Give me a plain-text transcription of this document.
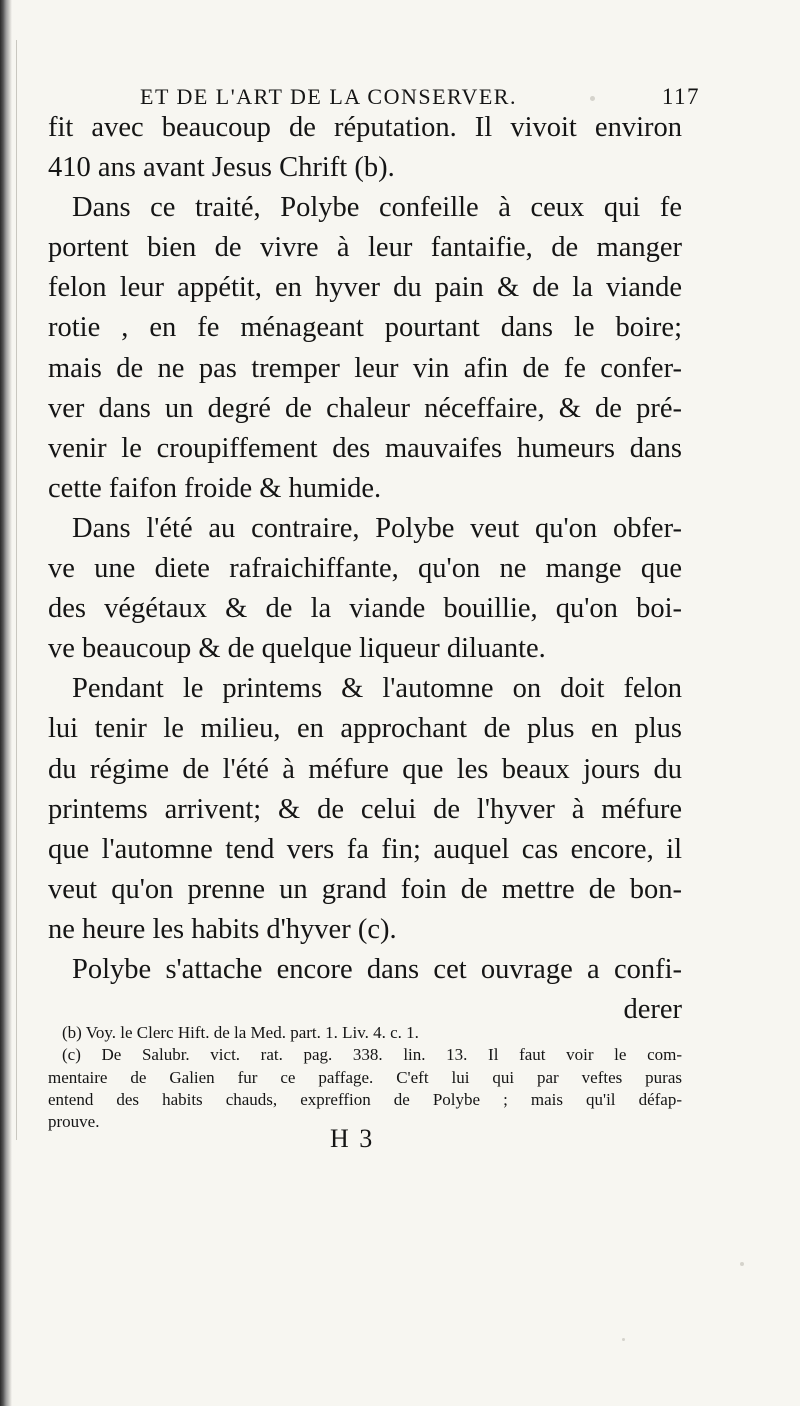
ET DE L'ART DE LA CONSERVER.	117
fit avec beaucoup de réputation. Il vivoit environ
410 ans avant Jesus Chrift (b).
Dans ce traité, Polybe confeille à ceux qui fe
portent bien de vivre à leur fantaifie, de manger
felon leur appétit, en hyver du pain & de la viande
rotie , en fe ménageant pourtant dans le boire;
mais de ne pas tremper leur vin afin de fe confer-
ver dans un degré de chaleur néceffaire, & de pré-
venir le croupiffement des mauvaifes humeurs dans
cette faifon froide & humide.
Dans l'été au contraire, Polybe veut qu'on obfer-
ve une diete rafraichiffante, qu'on ne mange que
des végétaux & de la viande bouillie, qu'on boi-
ve beaucoup & de quelque liqueur diluante.
Pendant le printems & l'automne on doit felon
lui tenir le milieu, en approchant de plus en plus
du régime de l'été à méfure que les beaux jours du
printems arrivent; & de celui de l'hyver à méfure
que l'automne tend vers fa fin; auquel cas encore, il
veut qu'on prenne un grand foin de mettre de bon-
ne heure les habits d'hyver (c).
Polybe s'attache encore dans cet ouvrage a confi-
derer
(b) Voy. le Clerc Hift. de la Med. part. 1. Liv. 4. c. 1.
(c) De Salubr. vict. rat. pag. 338. lin. 13. Il faut voir le com-
mentaire de Galien fur ce paffage. C'eft lui qui par veftes puras
entend des habits chauds, expreffion de Polybe ; mais qu'il défap-
prouve.
H 3
